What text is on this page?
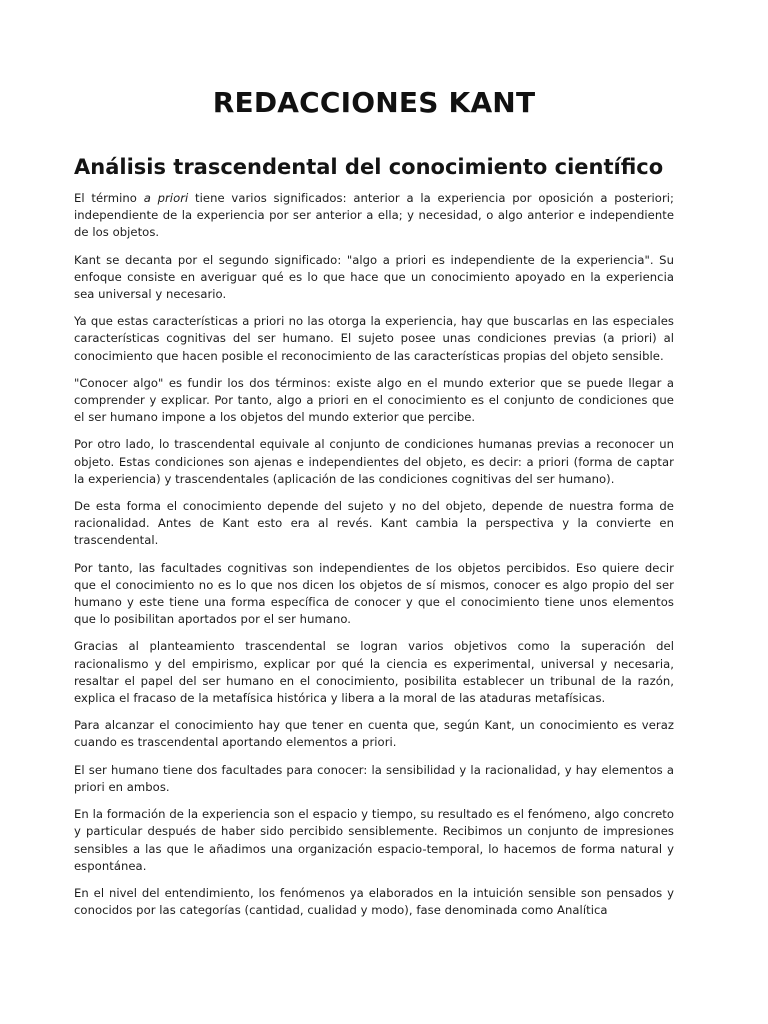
REDACCIONES KANT
Análisis trascendental del conocimiento científico

El término a priori tiene varios significados: anterior a la experiencia por oposición a posteriori; independiente de la experiencia por ser anterior a ella; y necesidad, o algo anterior e independiente de los objetos.

Kant se decanta por el segundo significado: "algo a priori es independiente de la experiencia". Su enfoque consiste en averiguar qué es lo que hace que un conocimiento apoyado en la experiencia sea universal y necesario.

Ya que estas características a priori no las otorga la experiencia, hay que buscarlas en las especiales características cognitivas del ser humano. El sujeto posee unas condiciones previas (a priori) al conocimiento que hacen posible el reconocimiento de las características propias del objeto sensible.

"Conocer algo" es fundir los dos términos: existe algo en el mundo exterior que se puede llegar a comprender y explicar. Por tanto, algo a priori en el conocimiento es el conjunto de condiciones que el ser humano impone a los objetos del mundo exterior que percibe.

Por otro lado, lo trascendental equivale al conjunto de condiciones humanas previas a reconocer un objeto. Estas condiciones son ajenas e independientes del objeto, es decir: a priori (forma de captar la experiencia) y trascendentales (aplicación de las condiciones cognitivas del ser humano).

De esta forma el conocimiento depende del sujeto y no del objeto, depende de nuestra forma de racionalidad. Antes de Kant esto era al revés. Kant cambia la perspectiva y la convierte en trascendental.

Por tanto, las facultades cognitivas son independientes de los objetos percibidos. Eso quiere decir que el conocimiento no es lo que nos dicen los objetos de sí mismos, conocer es algo propio del ser humano y este tiene una forma específica de conocer y que el conocimiento tiene unos elementos que lo posibilitan aportados por el ser humano.

Gracias al planteamiento trascendental se logran varios objetivos como la superación del racionalismo y del empirismo, explicar por qué la ciencia es experimental, universal y necesaria, resaltar el papel del ser humano en el conocimiento, posibilita establecer un tribunal de la razón, explica el fracaso de la metafísica histórica y libera a la moral de las ataduras metafísicas.

Para alcanzar el conocimiento hay que tener en cuenta que, según Kant, un conocimiento es veraz cuando es trascendental aportando elementos a priori.

El ser humano tiene dos facultades para conocer: la sensibilidad y la racionalidad, y hay elementos a priori en ambos.

En la formación de la experiencia son el espacio y tiempo, su resultado es el fenómeno, algo concreto y particular después de haber sido percibido sensiblemente. Recibimos un conjunto de impresiones sensibles a las que le añadimos una organización espacio-temporal, lo hacemos de forma natural y espontánea.

En el nivel del entendimiento, los fenómenos ya elaborados en la intuición sensible son pensados y conocidos por las categorías (cantidad, cualidad y modo), fase denominada como Analítica
